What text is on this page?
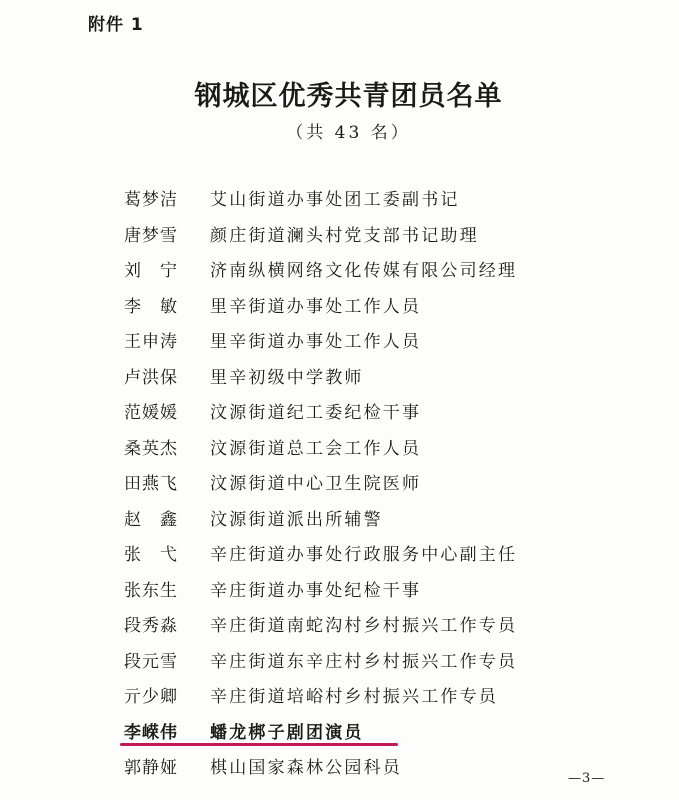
附件 1
钢城区优秀共青团员名单
（共 43 名）
葛梦洁	艾山街道办事处团工委副书记
唐梦雪	颜庄街道澜头村党支部书记助理
刘　宁	济南纵横网络文化传媒有限公司经理
李　敏	里辛街道办事处工作人员
王申涛	里辛街道办事处工作人员
卢洪保	里辛初级中学教师
范媛媛	汶源街道纪工委纪检干事
桑英杰	汶源街道总工会工作人员
田燕飞	汶源街道中心卫生院医师
赵　鑫	汶源街道派出所辅警
张　弋	辛庄街道办事处行政服务中心副主任
张东生	辛庄街道办事处纪检干事
段秀淼	辛庄街道南蛇沟村乡村振兴工作专员
段元雪	辛庄街道东辛庄村乡村振兴工作专员
亓少卿	辛庄街道培峪村乡村振兴工作专员
李嵘伟	蟠龙梆子剧团演员
郭静娅	棋山国家森林公园科员
—3—
